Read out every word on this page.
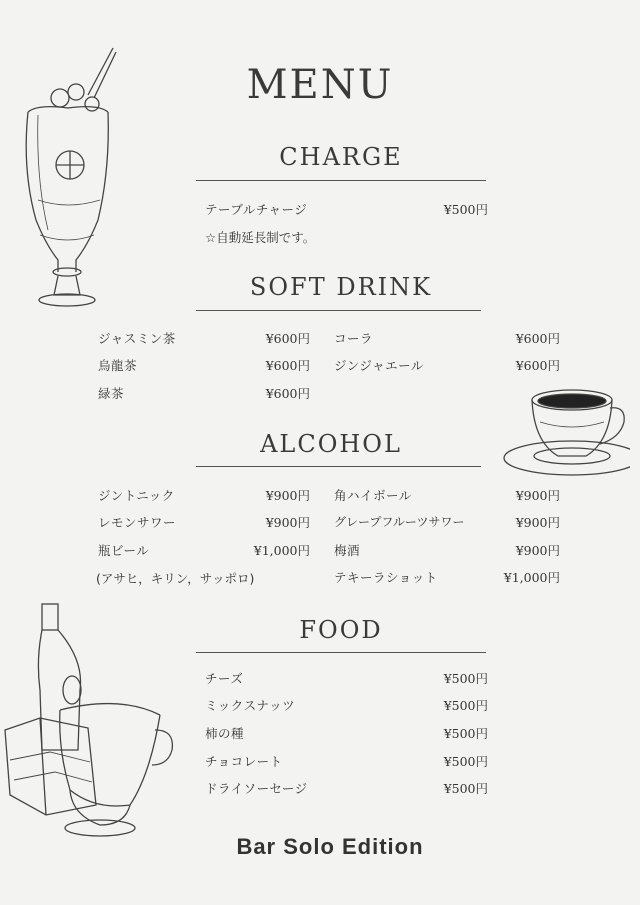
MENU
CHARGE
テーブルチャージ	¥500円
☆自動延長制です。
SOFT DRINK
ジャスミン茶	¥600円
烏龍茶	¥600円
緑茶	¥600円
コーラ	¥600円
ジンジャエール	¥600円
ALCOHOL
ジントニック	¥900円
レモンサワー	¥900円
瓶ビール	¥1,000円
(アサヒ，キリン，サッポロ)
角ハイボール	¥900円
グレープフルーツサワー	¥900円
梅酒	¥900円
テキーラショット	¥1,000円
FOOD
チーズ	¥500円
ミックスナッツ	¥500円
柿の種	¥500円
チョコレート	¥500円
ドライソーセージ	¥500円
Bar Solo Edition
